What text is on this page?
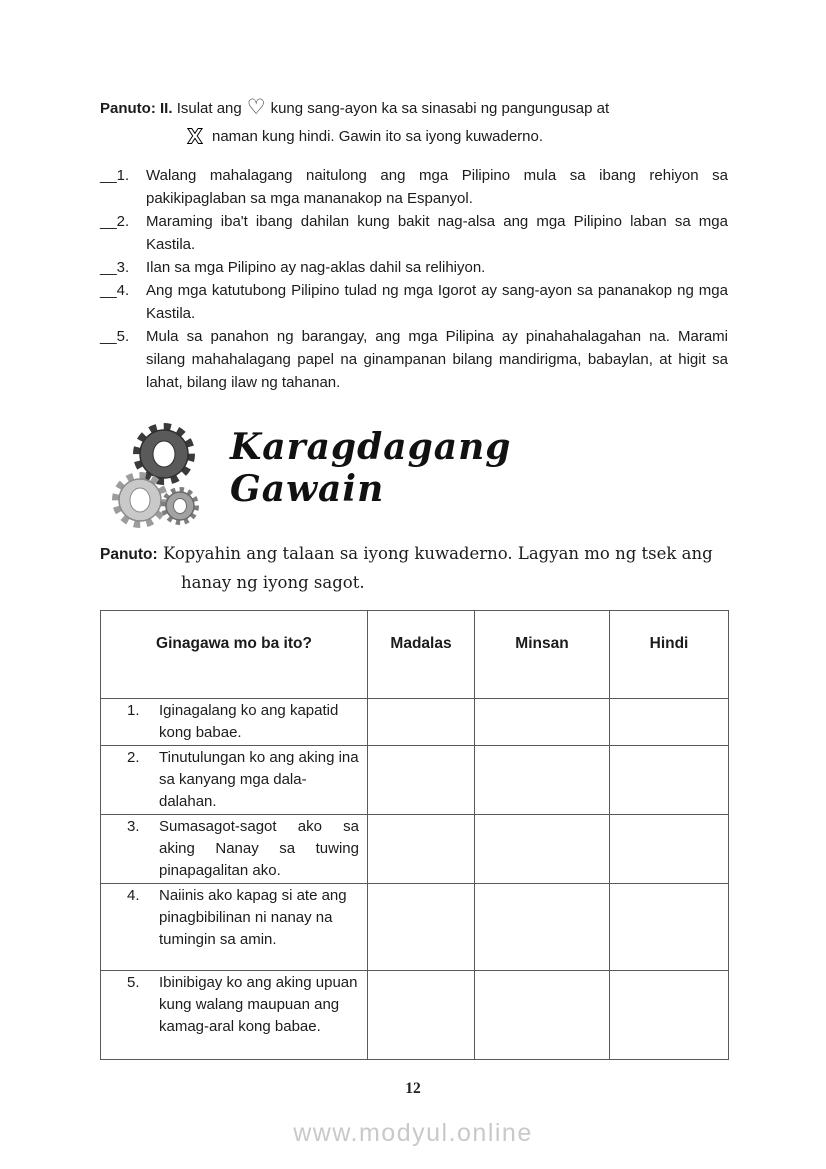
Panuto: II. Isulat ang ♡ kung sang-ayon ka sa sinasabi ng pangungusap at
X naman kung hindi. Gawin ito sa iyong kuwaderno.
__1.	Walang mahalagang naitulong ang mga Pilipino mula sa ibang rehiyon sa pakikipaglaban sa mga mananakop na Espanyol.
__2.	Maraming iba't ibang dahilan kung bakit nag-alsa ang mga Pilipino laban sa mga Kastila.
__3.	Ilan sa mga Pilipino ay nag-aklas dahil sa relihiyon.
__4.	Ang mga katutubong Pilipino tulad ng mga Igorot ay sang-ayon sa pananakop ng mga Kastila.
__5.	Mula sa panahon ng barangay, ang mga Pilipina ay pinahahalagahan na. Marami silang mahahalagang papel na ginampanan bilang mandirigma, babaylan, at higit sa lahat, bilang ilaw ng tahanan.
Karagdagang Gawain
Panuto: Kopyahin ang talaan sa iyong kuwaderno. Lagyan mo ng tsek ang
hanay ng iyong sagot.
Ginagawa mo ba ito?	Madalas	Minsan	Hindi

1. Iginagalang ko ang kapatid kong babae.			

2. Tinutulungan ko ang aking ina sa kanyang mga dala-dalahan.			

3. Sumasagot-sagot ako sa aking Nanay sa tuwing pinapagalitan ako.			

4. Naiinis ako kapag si ate ang pinagbibilinan ni nanay na tumingin sa amin.			

5. Ibinibigay ko ang aking upuan kung walang maupuan ang kamag-aral kong babae.			

12
www.modyul.online
